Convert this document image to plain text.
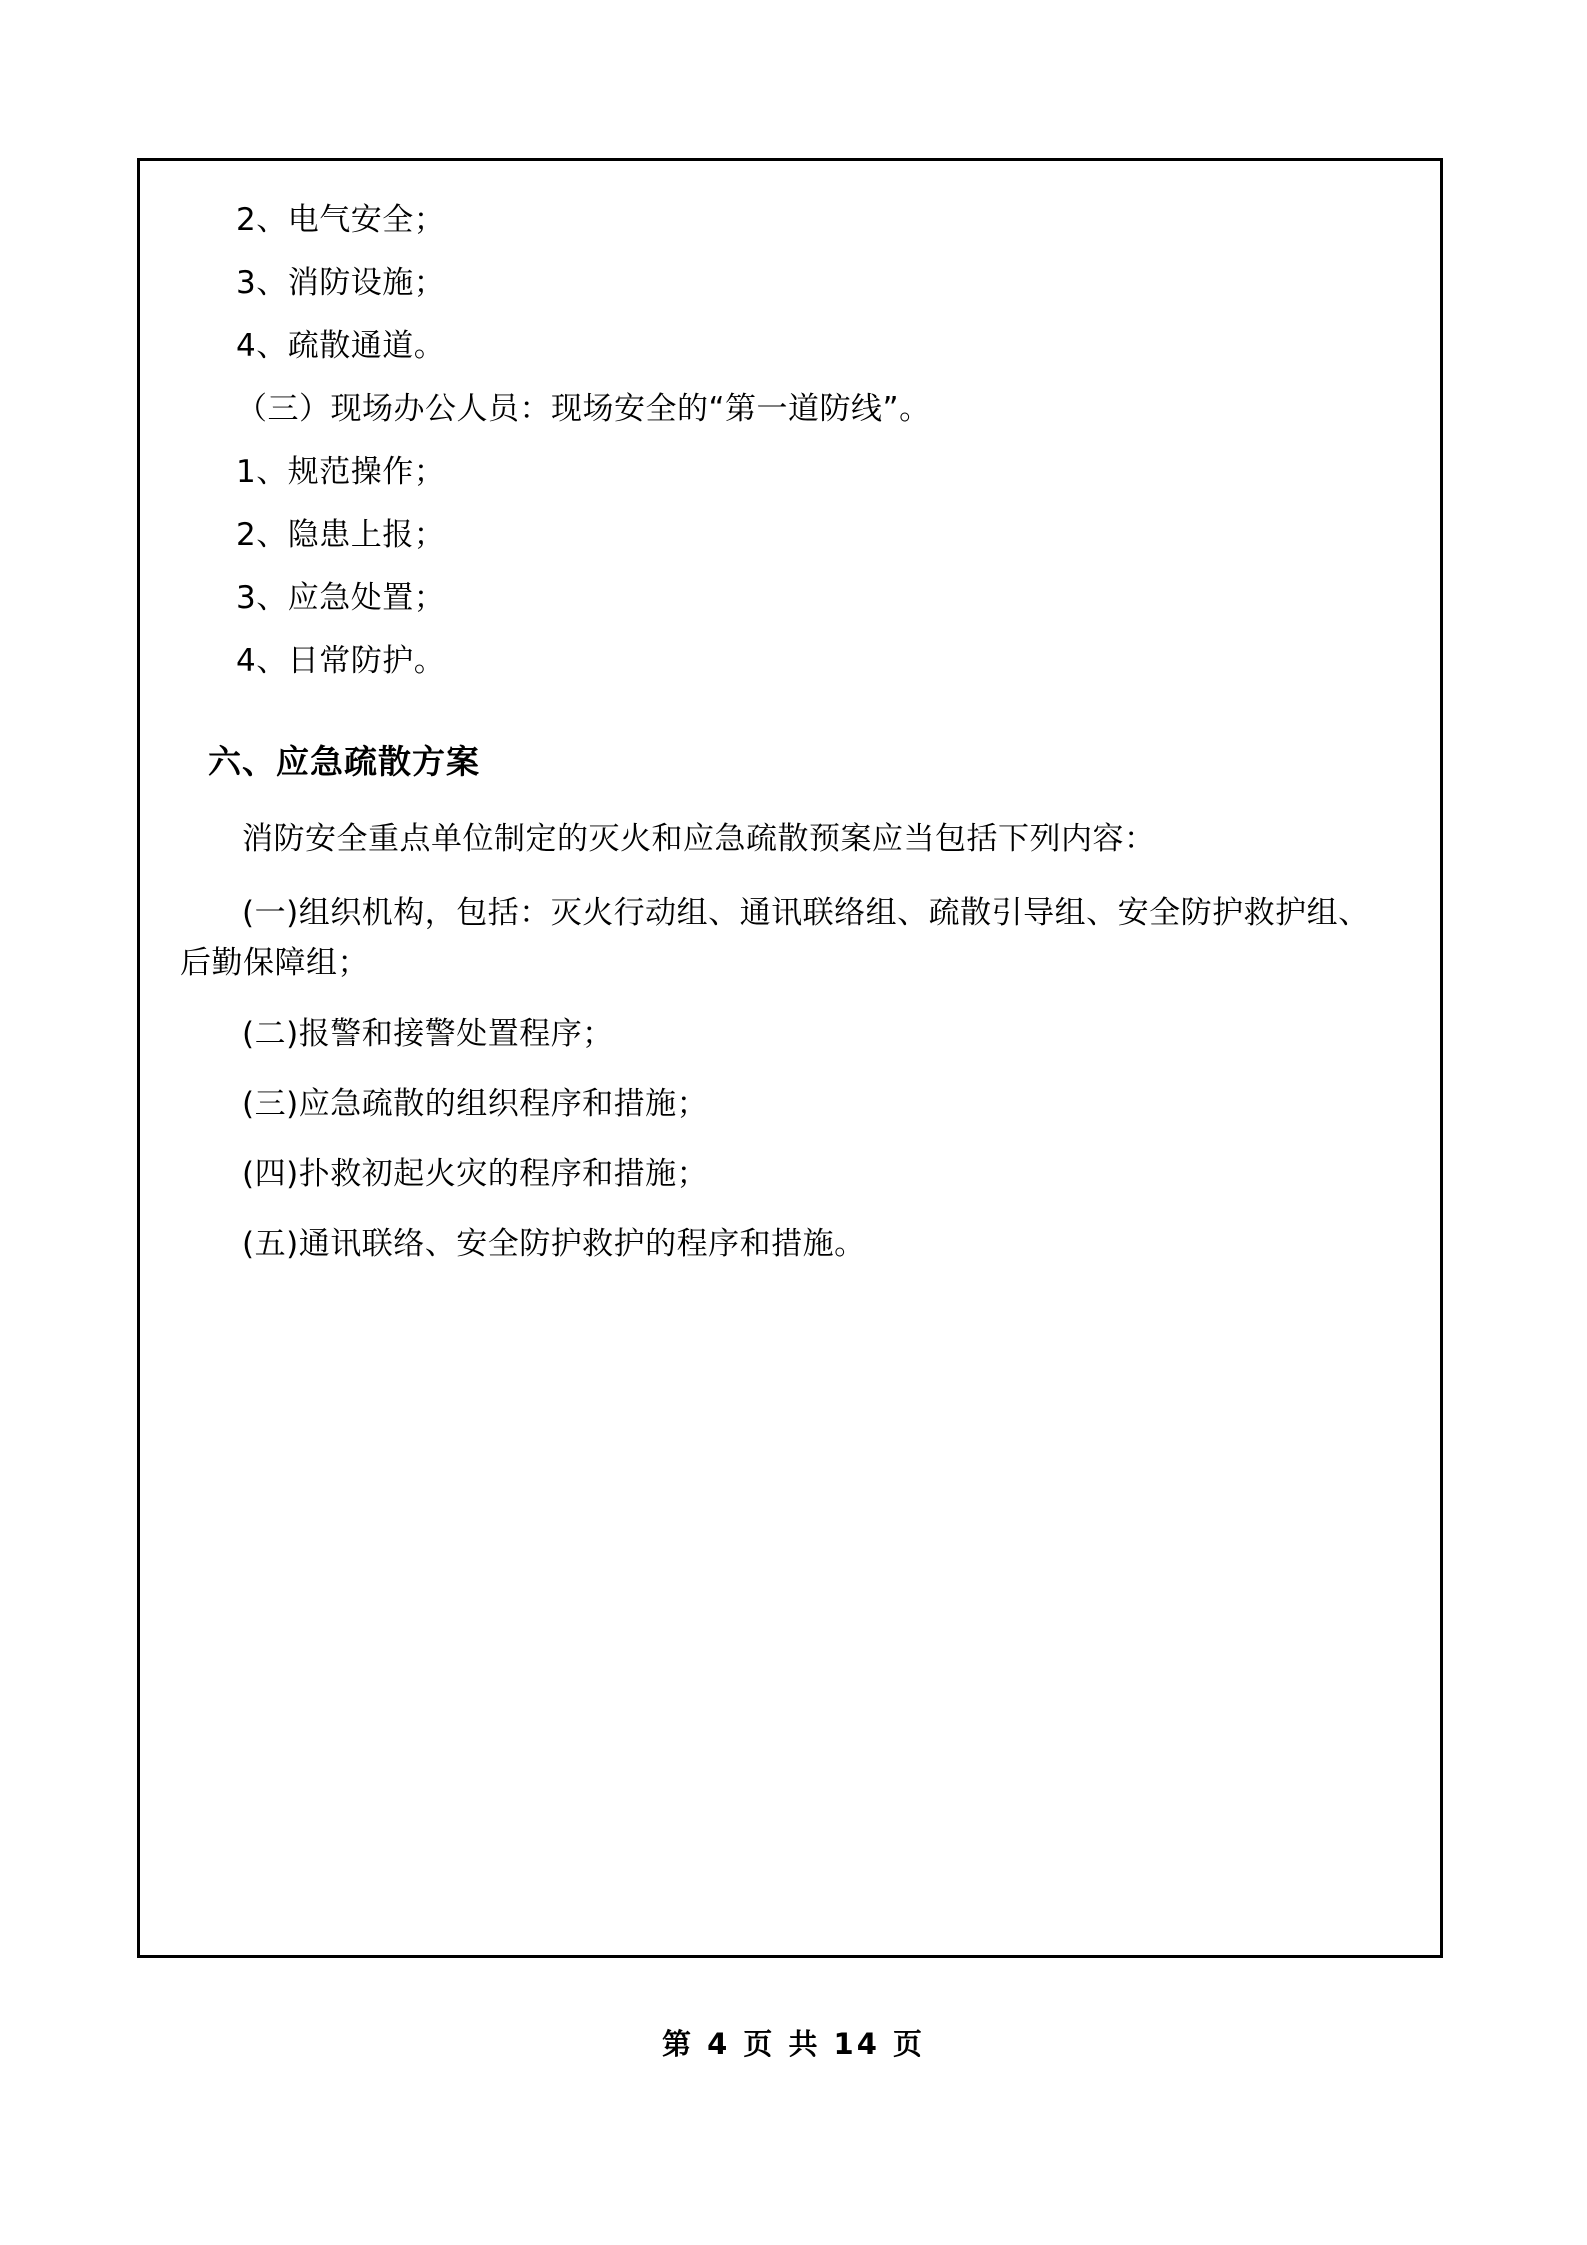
2、电气安全；
3、消防设施；
4、疏散通道。
（三）现场办公人员：现场安全的“第一道防线”。
1、规范操作；
2、隐患上报；
3、应急处置；
4、日常防护。
六、应急疏散方案
消防安全重点单位制定的灭火和应急疏散预案应当包括下列内容：
(一)组织机构，包括：灭火行动组、通讯联络组、疏散引导组、安全防护救护组、后勤保障组；
(二)报警和接警处置程序；
(三)应急疏散的组织程序和措施；
(四)扑救初起火灾的程序和措施；
(五)通讯联络、安全防护救护的程序和措施。
第 4 页 共 14 页
